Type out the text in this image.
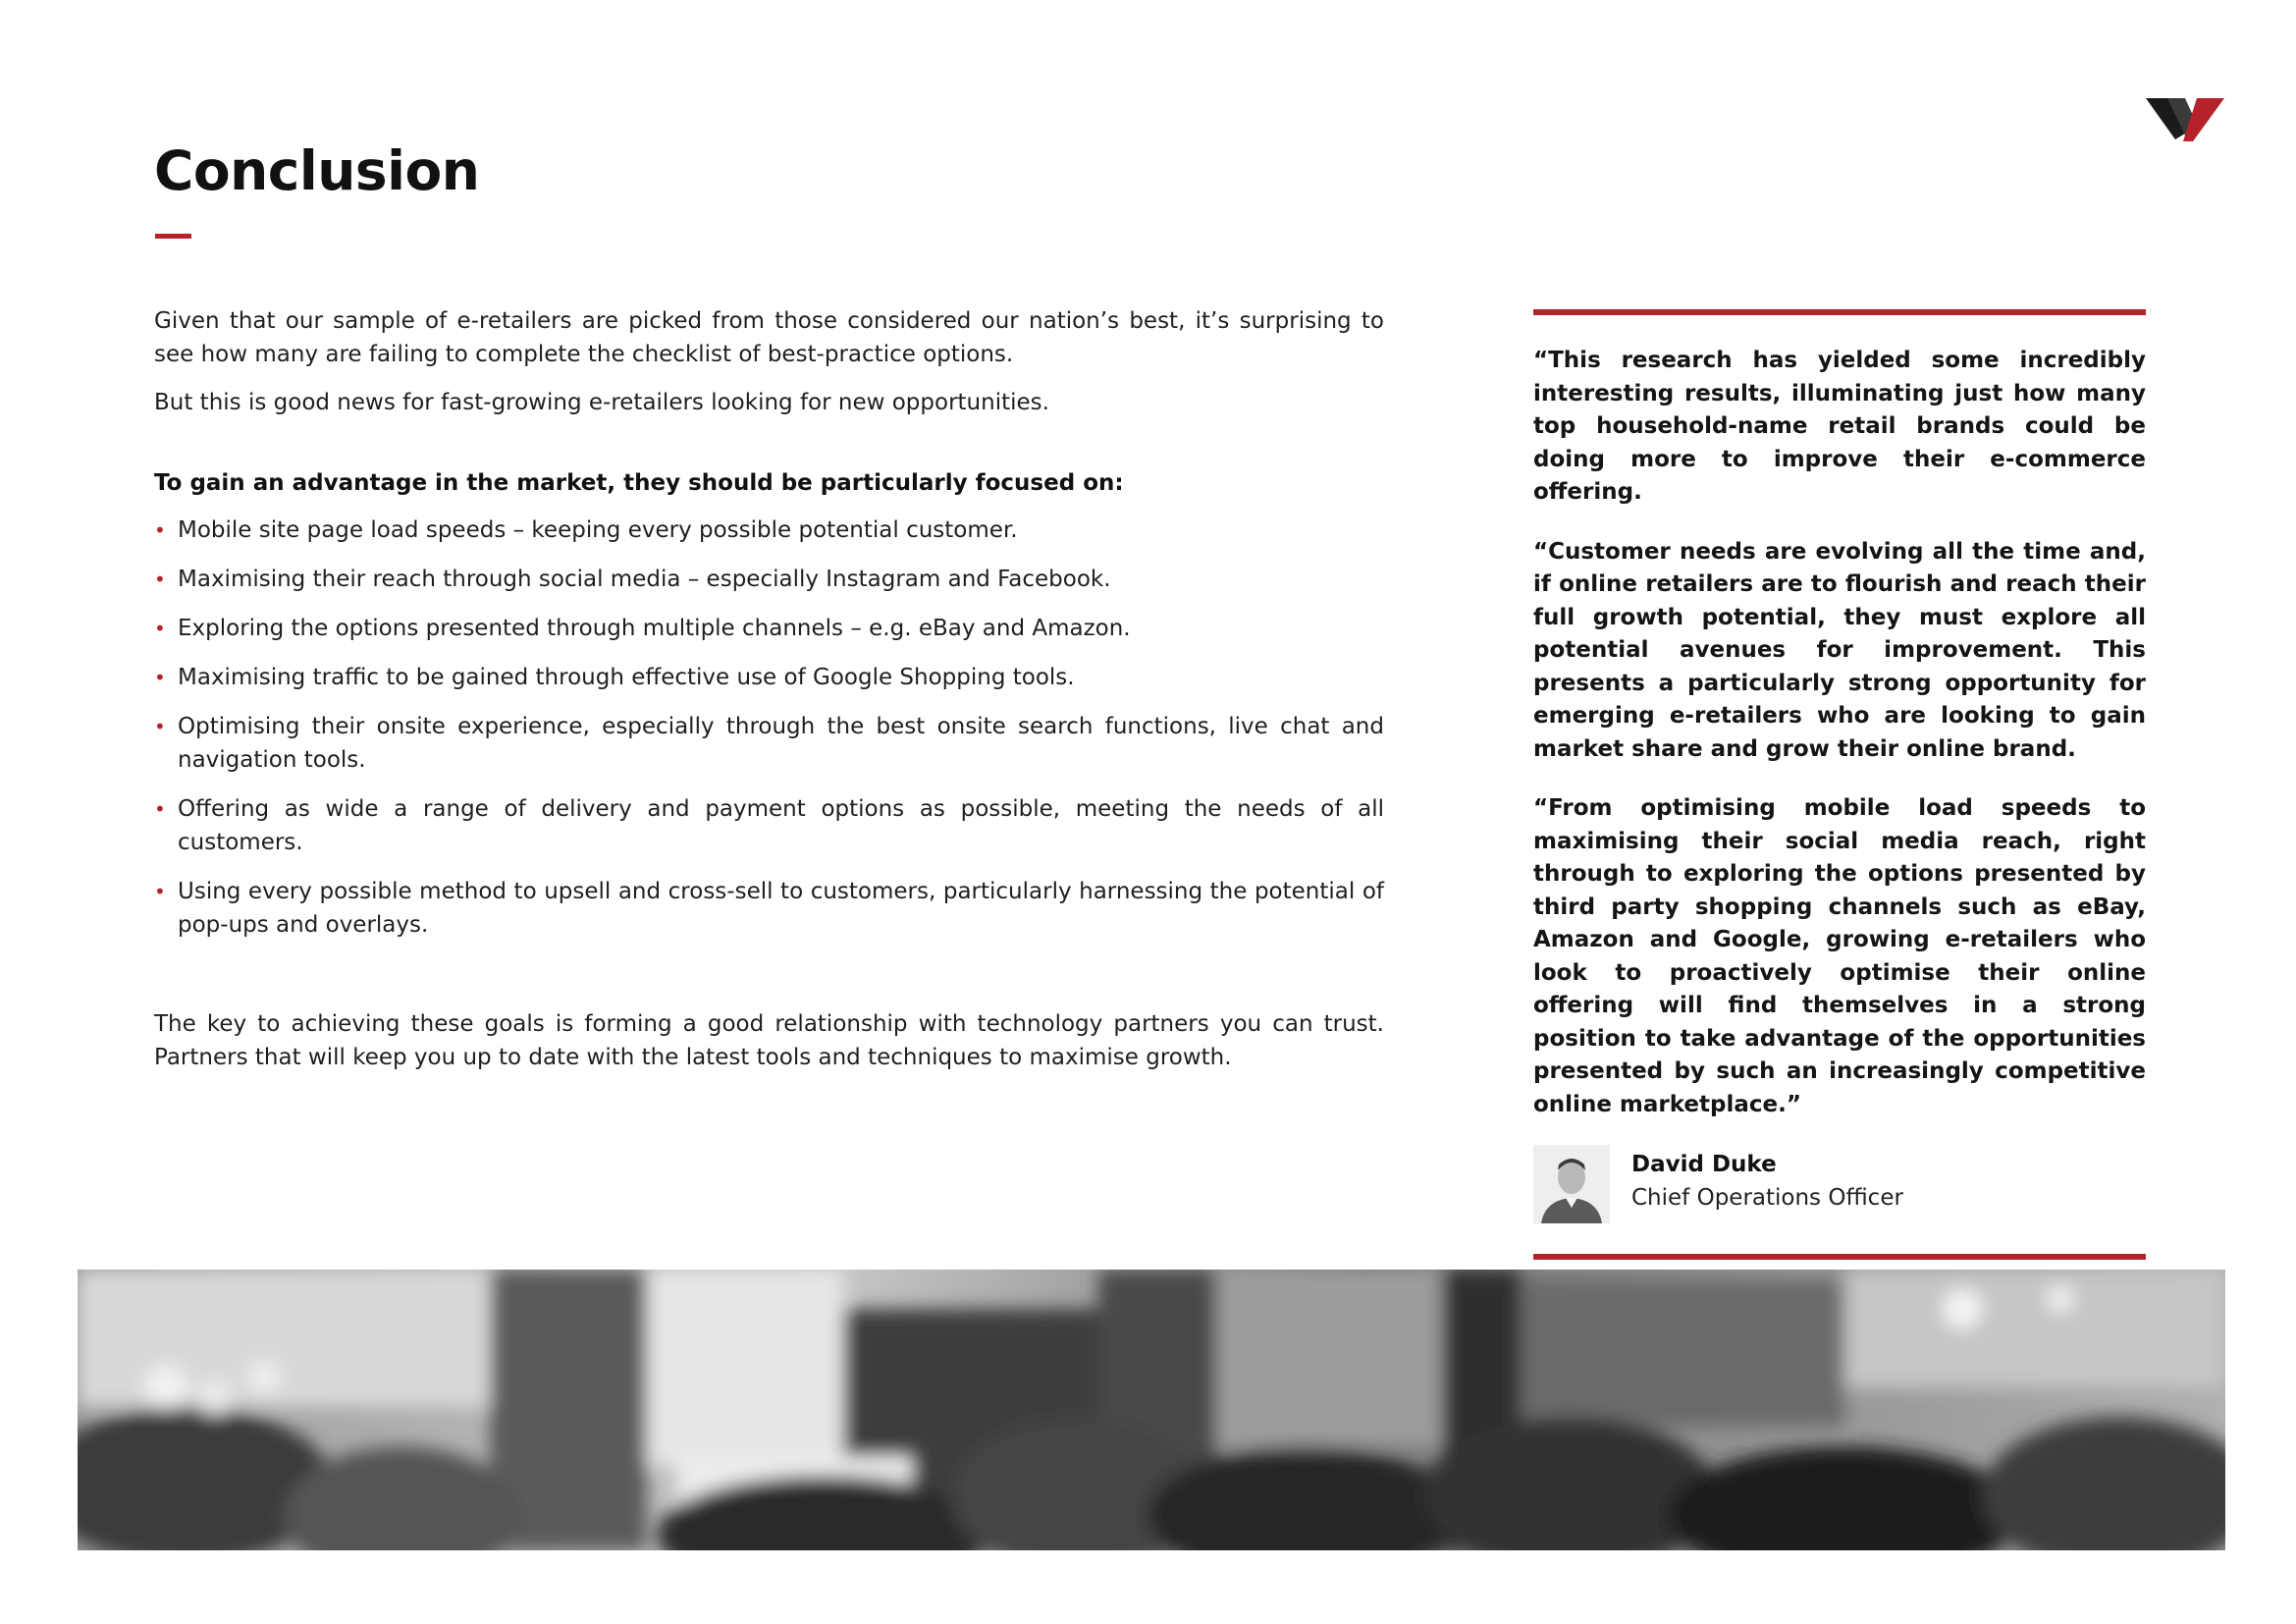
Conclusion

Given that our sample of e-retailers are picked from those considered our nation’s best, it’s surprising to see how many are failing to complete the checklist of best-practice options.

But this is good news for fast-growing e-retailers looking for new opportunities.

To gain an advantage in the market, they should be particularly focused on:

• Mobile site page load speeds – keeping every possible potential customer.
• Maximising their reach through social media – especially Instagram and Facebook.
• Exploring the options presented through multiple channels – e.g. eBay and Amazon.
• Maximising traffic to be gained through effective use of Google Shopping tools.
• Optimising their onsite experience, especially through the best onsite search functions, live chat and navigation tools.
• Offering as wide a range of delivery and payment options as possible, meeting the needs of all customers.
• Using every possible method to upsell and cross-sell to customers, particularly harnessing the potential of pop-ups and overlays.

The key to achieving these goals is forming a good relationship with technology partners you can trust. Partners that will keep you up to date with the latest tools and techniques to maximise growth.

“This research has yielded some incredibly interesting results, illuminating just how many top household-name retail brands could be doing more to improve their e-commerce offering.

“Customer needs are evolving all the time and, if online retailers are to flourish and reach their full growth potential, they must explore all potential avenues for improvement. This presents a particularly strong opportunity for emerging e-retailers who are looking to gain market share and grow their online brand.

“From optimising mobile load speeds to maximising their social media reach, right through to exploring the options presented by third party shopping channels such as eBay, Amazon and Google, growing e-retailers who look to proactively optimise their online offering will find themselves in a strong position to take advantage of the opportunities presented by such an increasingly competitive online marketplace.”

David Duke
Chief Operations Officer
